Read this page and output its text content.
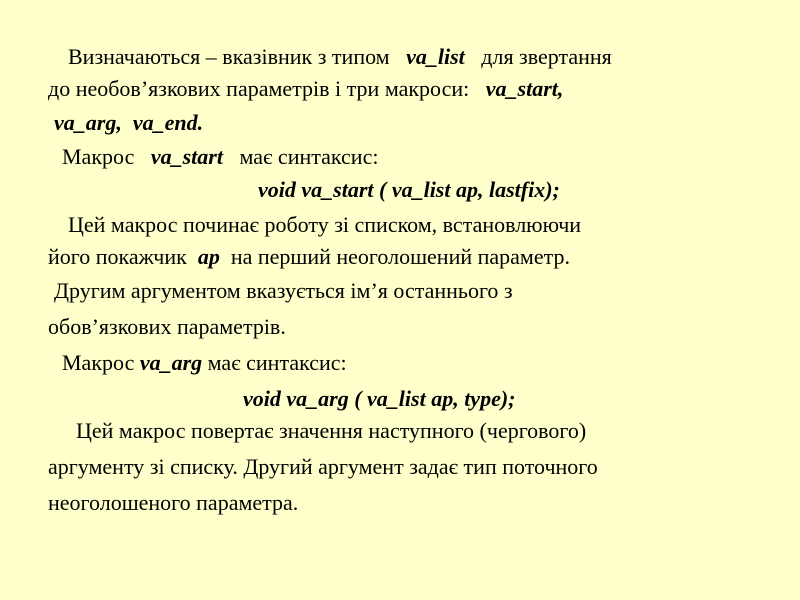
Визначаються – вказівник з типом va_list для звертання
до необов’язкових параметрів і три макроси: va_start,
va_arg, va_end.
Макрос va_start має синтаксис:
void va_start ( va_list ap, lastfix);
Цей макрос починає роботу зі списком, встановлюючи
його покажчик ap на перший неоголошений параметр.
Другим аргументом вказується ім’я останнього з
обов’язкових параметрів.
Макрос va_arg має синтаксис:
void va_arg ( va_list ap, type);
Цей макрос повертає значення наступного (чергового)
аргументу зі списку. Другий аргумент задає тип поточного
неоголошеного параметра.
